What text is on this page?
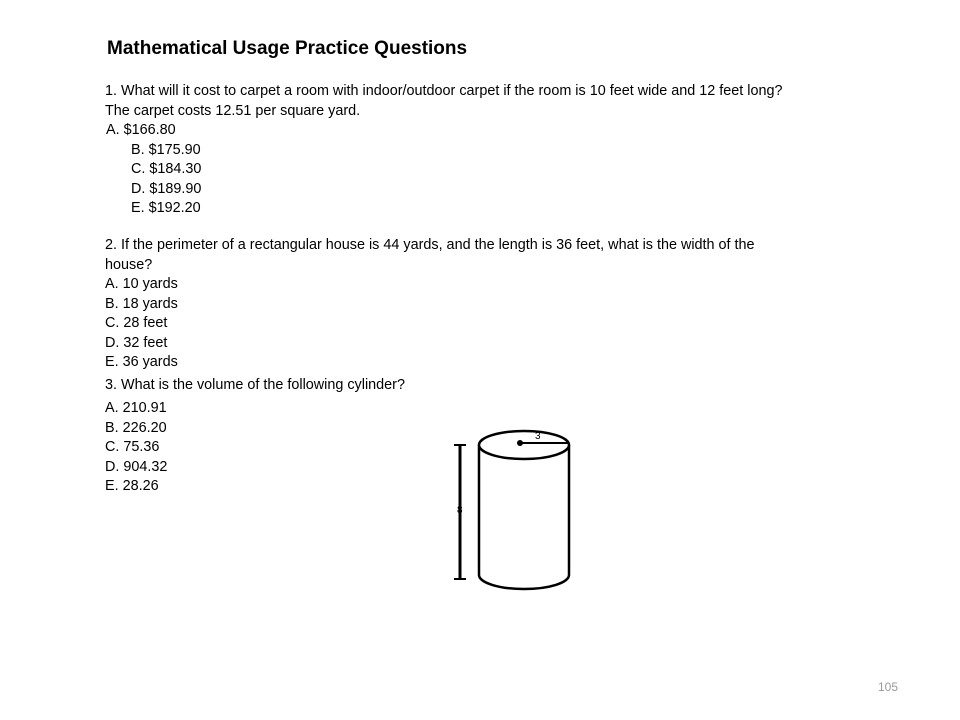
Mathematical Usage Practice Questions
1. What will it cost to carpet a room with indoor/outdoor carpet if the room is 10 feet wide and 12 feet long?
The carpet costs 12.51 per square yard.
A. $166.80
B. $175.90
C. $184.30
D. $189.90
E. $192.20
2. If the perimeter of a rectangular house is 44 yards, and the length is 36 feet, what is the width of the
house?
A. 10 yards
B. 18 yards
C. 28 feet
D. 32 feet
E. 36 yards
3. What is the volume of the following cylinder?
A. 210.91
B. 226.20
C. 75.36
D. 904.32
E. 28.26
3
8
105
